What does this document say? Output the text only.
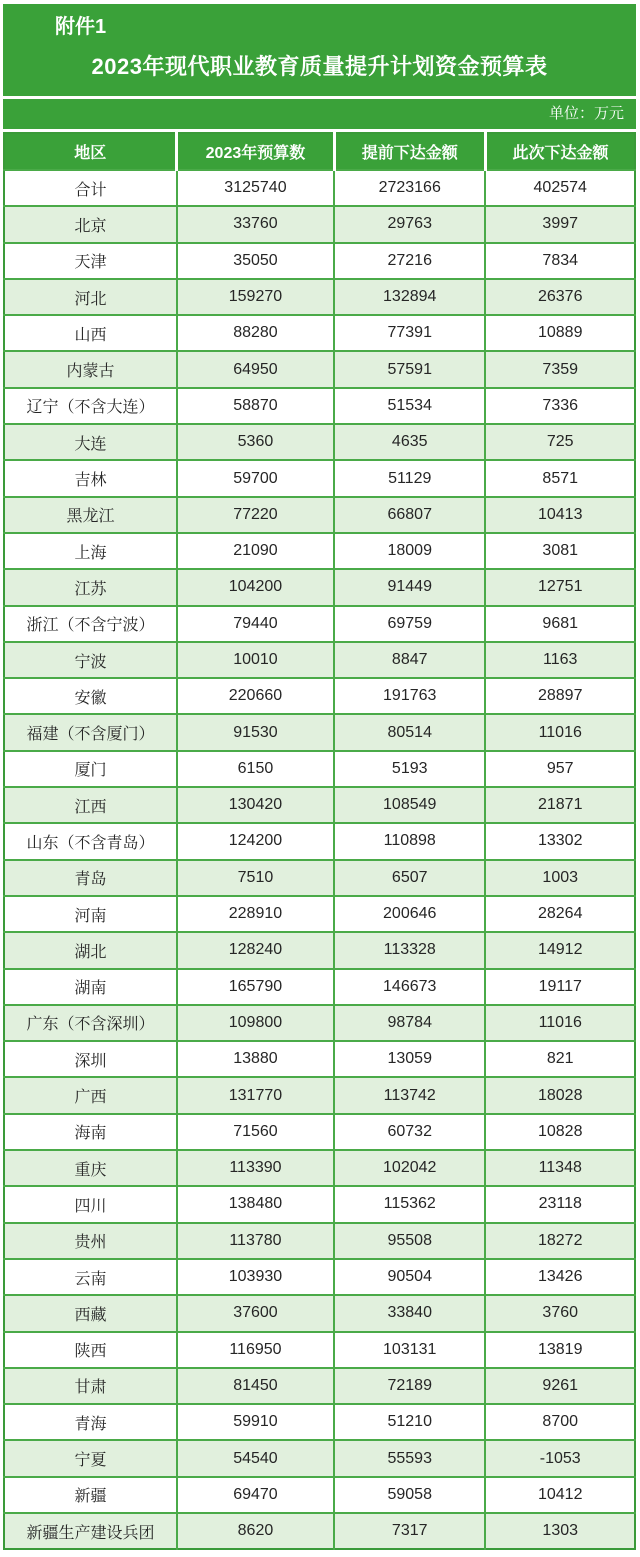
附件1
2023年现代职业教育质量提升计划资金预算表
单位：万元
地区	2023年预算数	提前下达金额	此次下达金额
合计	3125740	2723166	402574
北京	33760	29763	3997
天津	35050	27216	7834
河北	159270	132894	26376
山西	88280	77391	10889
内蒙古	64950	57591	7359
辽宁（不含大连）	58870	51534	7336
大连	5360	4635	725
吉林	59700	51129	8571
黑龙江	77220	66807	10413
上海	21090	18009	3081
江苏	104200	91449	12751
浙江（不含宁波）	79440	69759	9681
宁波	10010	8847	1163
安徽	220660	191763	28897
福建（不含厦门）	91530	80514	11016
厦门	6150	5193	957
江西	130420	108549	21871
山东（不含青岛）	124200	110898	13302
青岛	7510	6507	1003
河南	228910	200646	28264
湖北	128240	113328	14912
湖南	165790	146673	19117
广东（不含深圳）	109800	98784	11016
深圳	13880	13059	821
广西	131770	113742	18028
海南	71560	60732	10828
重庆	113390	102042	11348
四川	138480	115362	23118
贵州	113780	95508	18272
云南	103930	90504	13426
西藏	37600	33840	3760
陕西	116950	103131	13819
甘肃	81450	72189	9261
青海	59910	51210	8700
宁夏	54540	55593	-1053
新疆	69470	59058	10412
新疆生产建设兵团	8620	7317	1303
